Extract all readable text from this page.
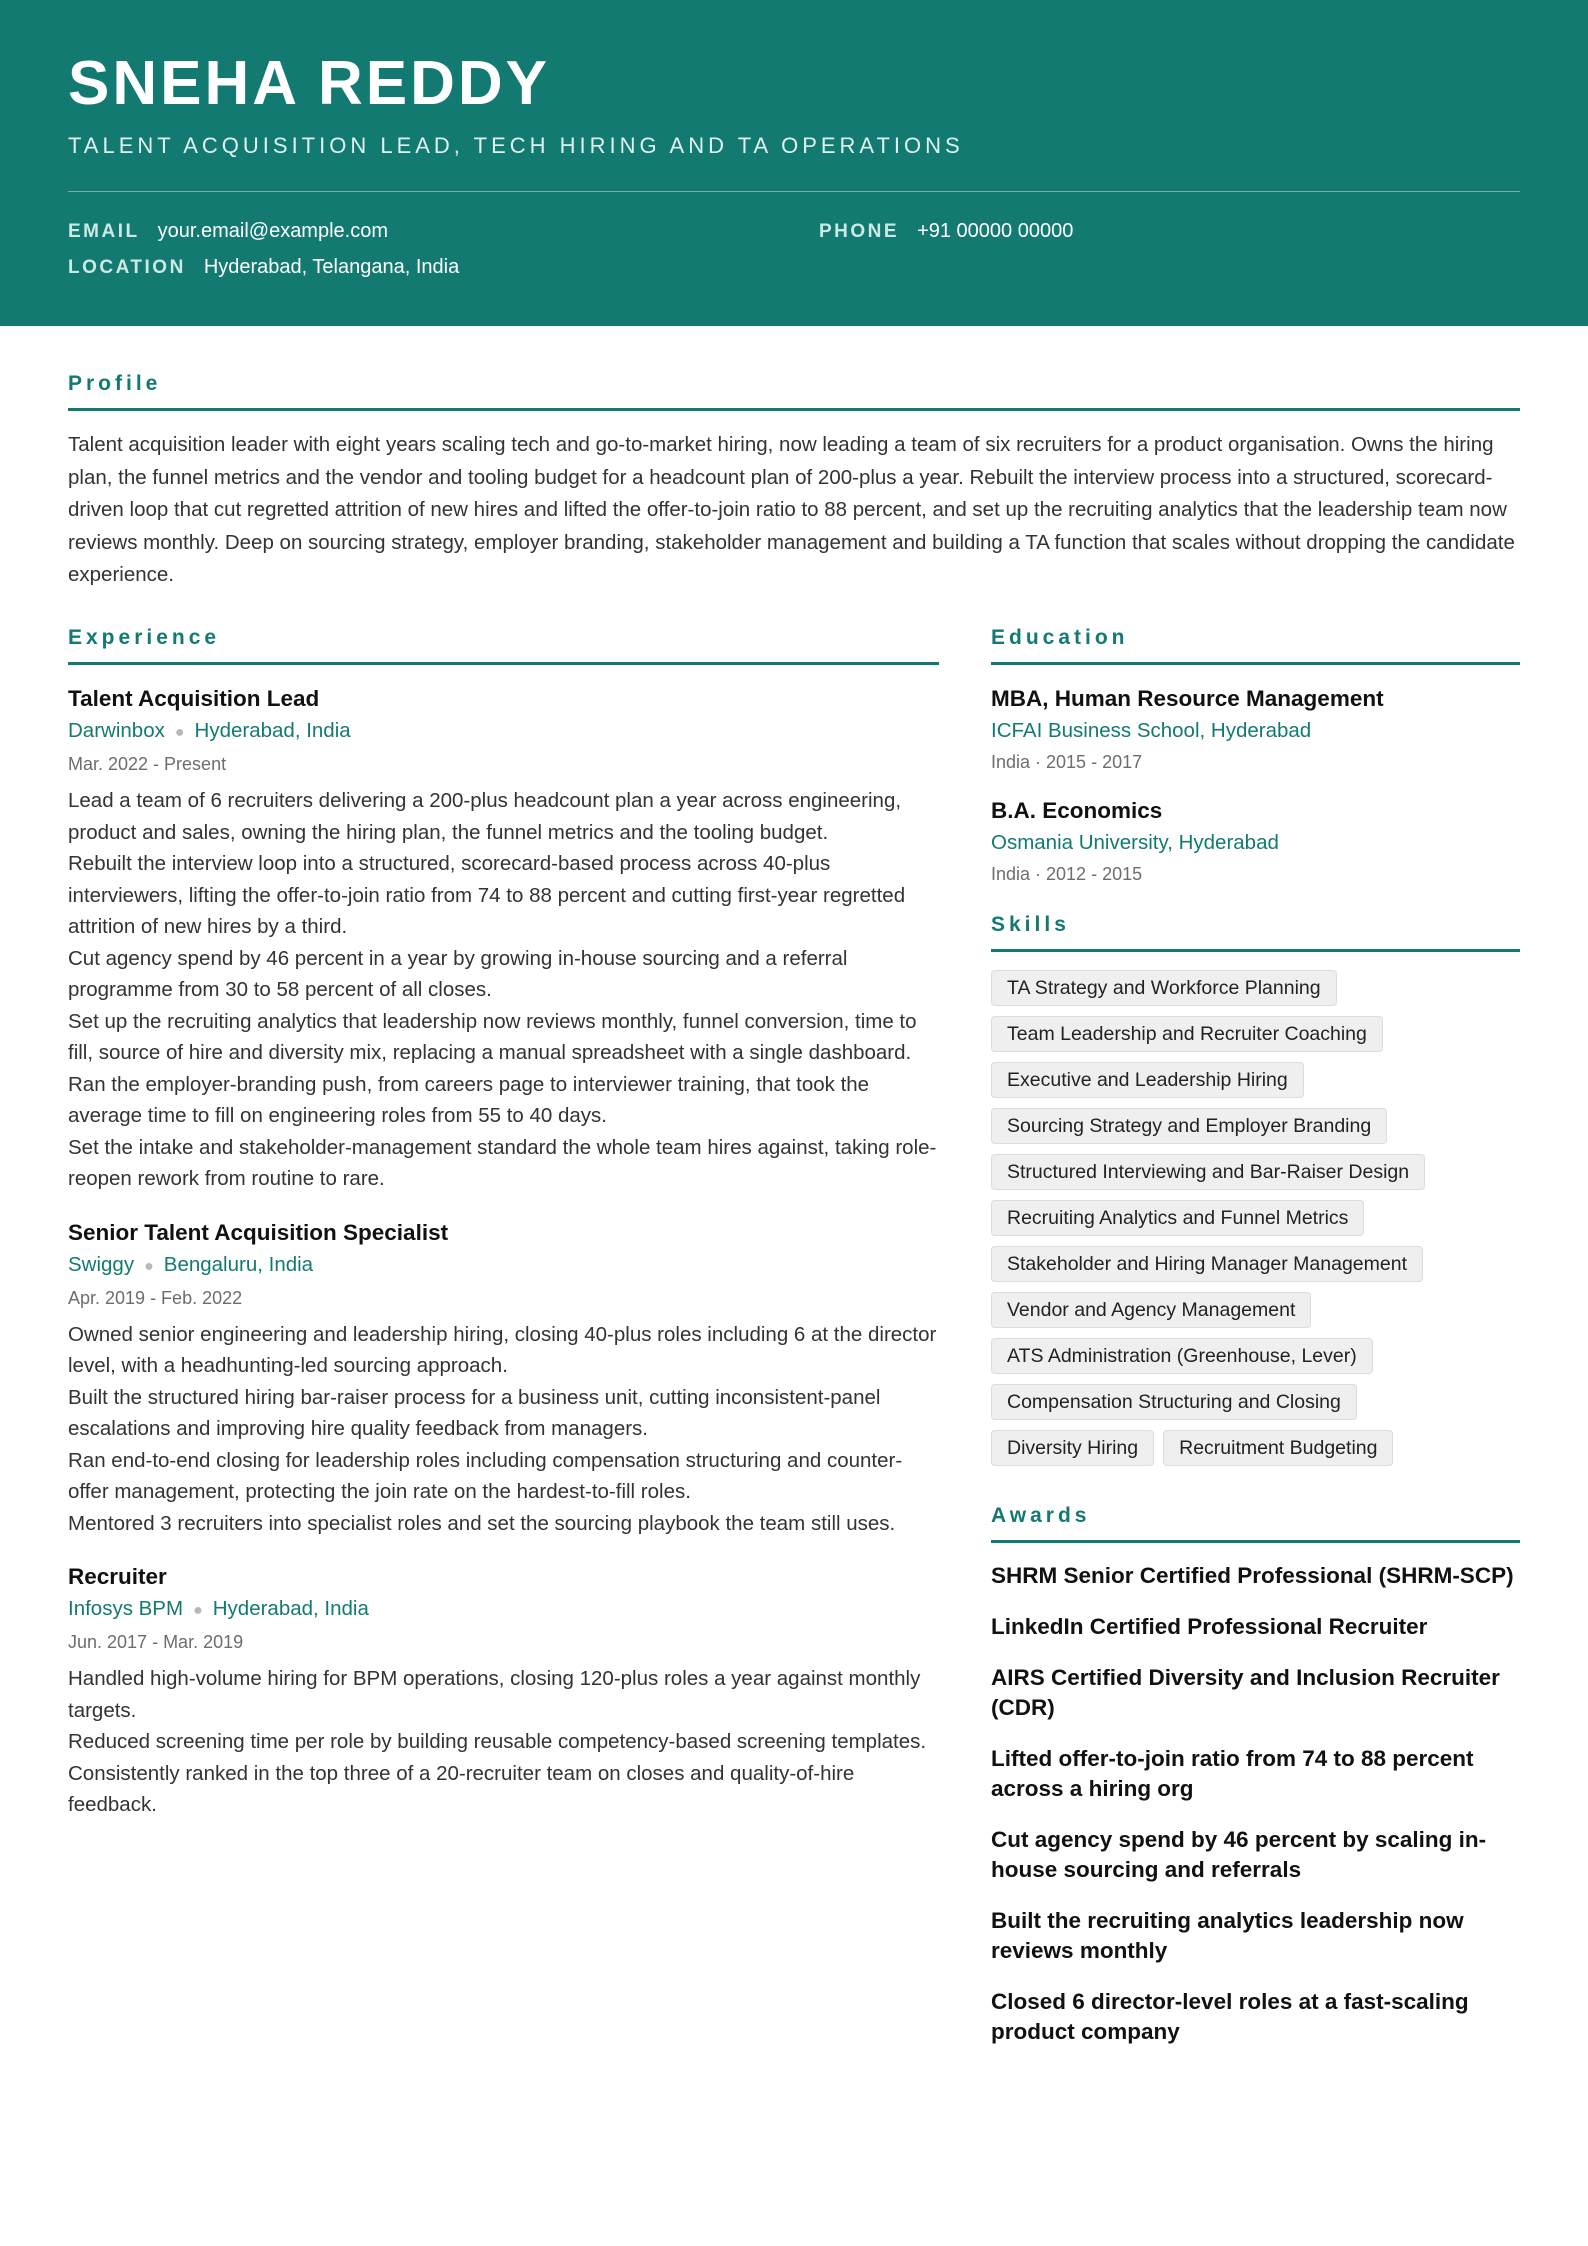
SNEHA REDDY
TALENT ACQUISITION LEAD, TECH HIRING AND TA OPERATIONS
EMAIL your.email@example.com	PHONE +91 00000 00000
LOCATION Hyderabad, Telangana, India
Profile

Talent acquisition leader with eight years scaling tech and go-to-market hiring, now leading a team of six recruiters for a product organisation. Owns the hiring plan, the funnel metrics and the vendor and tooling budget for a headcount plan of 200-plus a year. Rebuilt the interview process into a structured, scorecard-driven loop that cut regretted attrition of new hires and lifted the offer-to-join ratio to 88 percent, and set up the recruiting analytics that the leadership team now reviews monthly. Deep on sourcing strategy, employer branding, stakeholder management and building a TA function that scales without dropping the candidate experience.

Experience
Talent Acquisition Lead
Darwinbox ● Hyderabad, India
Mar. 2022 - Present
Lead a team of 6 recruiters delivering a 200-plus headcount plan a year across engineering, product and sales, owning the hiring plan, the funnel metrics and the tooling budget.
Rebuilt the interview loop into a structured, scorecard-based process across 40-plus interviewers, lifting the offer-to-join ratio from 74 to 88 percent and cutting first-year regretted attrition of new hires by a third.
Cut agency spend by 46 percent in a year by growing in-house sourcing and a referral programme from 30 to 58 percent of all closes.
Set up the recruiting analytics that leadership now reviews monthly, funnel conversion, time to fill, source of hire and diversity mix, replacing a manual spreadsheet with a single dashboard.
Ran the employer-branding push, from careers page to interviewer training, that took the average time to fill on engineering roles from 55 to 40 days.
Set the intake and stakeholder-management standard the whole team hires against, taking role-reopen rework from routine to rare.
Senior Talent Acquisition Specialist
Swiggy ● Bengaluru, India
Apr. 2019 - Feb. 2022
Owned senior engineering and leadership hiring, closing 40-plus roles including 6 at the director level, with a headhunting-led sourcing approach.
Built the structured hiring bar-raiser process for a business unit, cutting inconsistent-panel escalations and improving hire quality feedback from managers.
Ran end-to-end closing for leadership roles including compensation structuring and counter-offer management, protecting the join rate on the hardest-to-fill roles.
Mentored 3 recruiters into specialist roles and set the sourcing playbook the team still uses.
Recruiter
Infosys BPM ● Hyderabad, India
Jun. 2017 - Mar. 2019
Handled high-volume hiring for BPM operations, closing 120-plus roles a year against monthly targets.
Reduced screening time per role by building reusable competency-based screening templates.
Consistently ranked in the top three of a 20-recruiter team on closes and quality-of-hire feedback.
Education
MBA, Human Resource Management
ICFAI Business School, Hyderabad
India · 2015 - 2017
B.A. Economics
Osmania University, Hyderabad
India · 2012 - 2015
Skills
TA Strategy and Workforce Planning
Team Leadership and Recruiter Coaching
Executive and Leadership Hiring
Sourcing Strategy and Employer Branding
Structured Interviewing and Bar-Raiser Design
Recruiting Analytics and Funnel Metrics
Stakeholder and Hiring Manager Management
Vendor and Agency Management
ATS Administration (Greenhouse, Lever)
Compensation Structuring and Closing
Diversity Hiring	Recruitment Budgeting
Awards
SHRM Senior Certified Professional (SHRM-SCP)
LinkedIn Certified Professional Recruiter
AIRS Certified Diversity and Inclusion Recruiter (CDR)
Lifted offer-to-join ratio from 74 to 88 percent across a hiring org
Cut agency spend by 46 percent by scaling in-house sourcing and referrals
Built the recruiting analytics leadership now reviews monthly
Closed 6 director-level roles at a fast-scaling product company
